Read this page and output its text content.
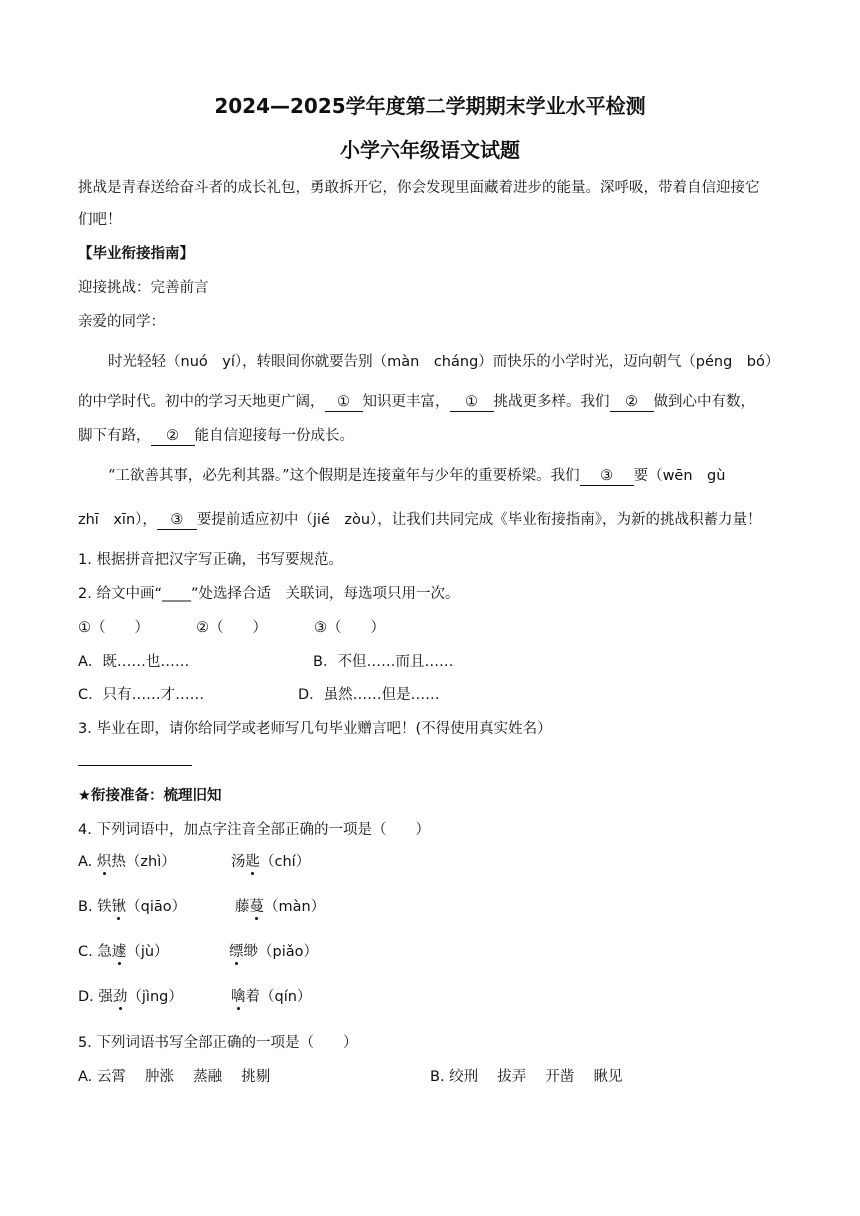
2024—2025学年度第二学期期末学业水平检测
小学六年级语文试题
挑战是青春送给奋斗者的成长礼包，勇敢拆开它，你会发现里面藏着进步的能量。深呼吸，带着自信迎接它
们吧！
【毕业衔接指南】
迎接挑战：完善前言
亲爱的同学：
时光轻轻（nuó　yí），转眼间你就要告别（màn　cháng）而快乐的小学时光，迈向朝气（péng　bó）
的中学时代。初中的学习天地更广阔， ① 知识更丰富， ① 挑战更多样。我们 ② 做到心中有数，
脚下有路， ② 能自信迎接每一份成长。
“工欲善其事，必先利其器。”这个假期是连接童年与少年的重要桥梁。我们 ③ 要（wēn　gù
zhī　xīn）， ③ 要提前适应初中（jié　zòu），让我们共同完成《毕业衔接指南》，为新的挑战积蓄力量！
1. 根据拼音把汉字写正确，书写要规范。
2. 给文中画“____”处选择合适　关联词，每选项只用一次。
①（　　）	②（　　）	③（　　）
A．既……也……	B．不但……而且……
C．只有……才……	D．虽然……但是……
3. 毕业在即，请你给同学或老师写几句毕业赠言吧！(不得使用真实姓名）
★衔接准备：梳理旧知
4. 下列词语中，加点字注音全部正确的一项是（　　）
A. 炽热（zhì）	汤匙（chí）
B. 铁锹（qiāo）	藤蔓（màn）
C. 急遽（jù）	缥缈（piǎo）
D. 强劲（jìng）	噙着（qín）
5. 下列词语书写全部正确的一项是（　　）
A. 云霄　 肿涨　 蒸融　 挑剔	B. 绞刑　 拔弄　 开凿　 瞅见
